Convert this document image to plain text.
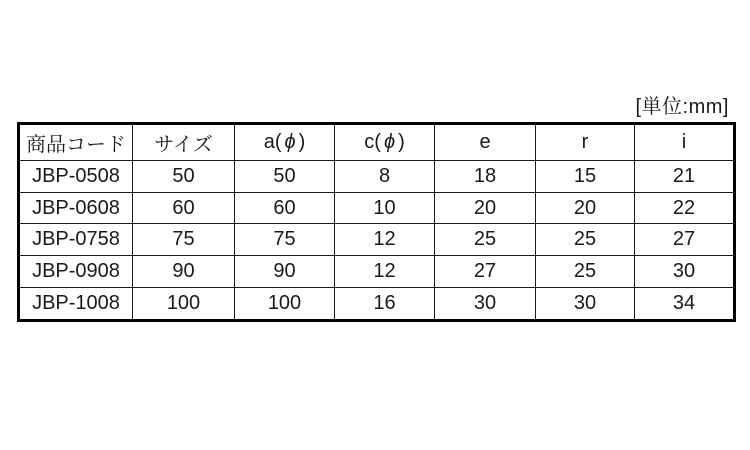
[単位:mm]
商品コード	サイズ	a( ϕ )	c( ϕ )	e	r	i
JBP-0508	50	50	8	18	15	21
JBP-0608	60	60	10	20	20	22
JBP-0758	75	75	12	25	25	27
JBP-0908	90	90	12	27	25	30
JBP-1008	100	100	16	30	30	34
